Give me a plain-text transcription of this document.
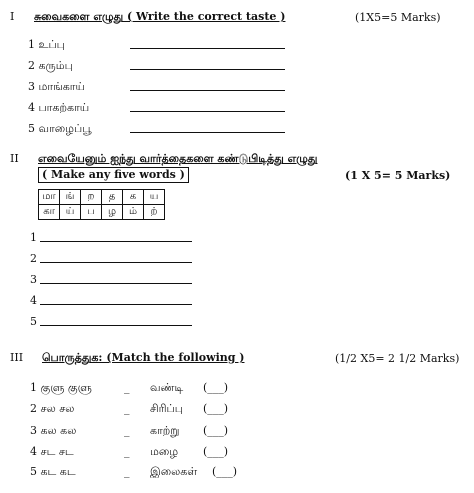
I சுவைகளை எழுது ( Write the correct taste )	(1X5=5 Marks)
1 உப்பு
2 கரும்பு
3 மாங்காய்
4 பாகற்காய்
5 வாழைப்பூ
II எவையேனும் ஐந்து வார்த்தைகளை கண்டுபிடித்து எழுது
( Make any five words )	(1 X 5= 5 Marks)
மா	ங்	ற	த	க	ய
கா	ய்	ப	ழ	ம்	ற்
1
2
3
4
5
III பொருத்துக: (Match the following )	(1/2 X5= 2 1/2 Marks)
1 குளு குளு	_ வண்டி (___)
2 சல சல	_ சிரிப்பு (___)
3 கல கல	_ காற்று (___)
4 சட சட	_ மழை (___)
5 கட கட	_ இலைகள் (___)
